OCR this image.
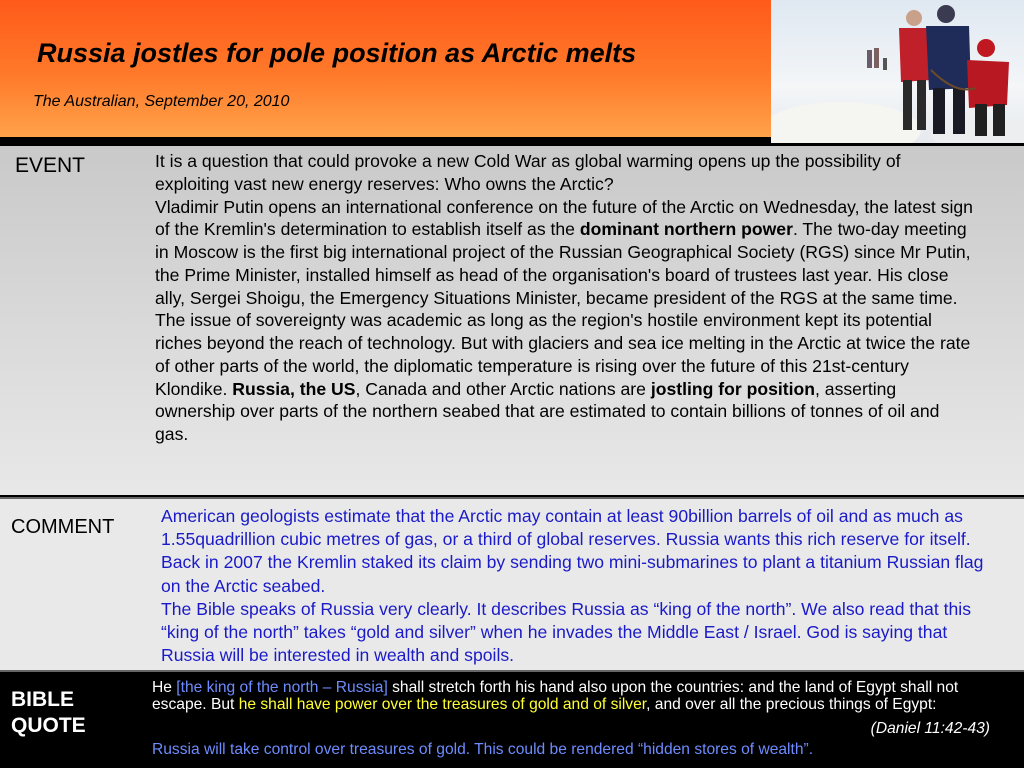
Russia jostles for pole position as Arctic melts
The Australian, September 20, 2010
EVENT	It is a question that could provoke a new Cold War as global warming opens up the possibility of exploiting vast new energy reserves: Who owns the Arctic?

Vladimir Putin opens an international conference on the future of the Arctic on Wednesday, the latest sign of the Kremlin's determination to establish itself as the dominant northern power. The two-day meeting in Moscow is the first big international project of the Russian Geographical Society (RGS) since Mr Putin, the Prime Minister, installed himself as head of the organisation's board of trustees last year. His close ally, Sergei Shoigu, the Emergency Situations Minister, became president of the RGS at the same time. The issue of sovereignty was academic as long as the region's hostile environment kept its potential riches beyond the reach of technology. But with glaciers and sea ice melting in the Arctic at twice the rate of other parts of the world, the diplomatic temperature is rising over the future of this 21st-century Klondike. Russia, the US, Canada and other Arctic nations are jostling for position, asserting ownership over parts of the northern seabed that are estimated to contain billions of tonnes of oil and gas.

COMMENT	American geologists estimate that the Arctic may contain at least 90billion barrels of oil and as much as 1.55quadrillion cubic metres of gas, or a third of global reserves. Russia wants this rich reserve for itself. Back in 2007 the Kremlin staked its claim by sending two mini-submarines to plant a titanium Russian flag on the Arctic seabed.

The Bible speaks of Russia very clearly. It describes Russia as “king of the north”. We also read that this “king of the north” takes “gold and silver” when he invades the Middle East / Israel. God is saying that Russia will be interested in wealth and spoils.

BIBLE
QUOTE

He [the king of the north – Russia] shall stretch forth his hand also upon the countries: and the land of Egypt shall not escape. But he shall have power over the treasures of gold and of silver, and over all the precious things of Egypt:

(Daniel 11:42-43)
Russia will take control over treasures of gold. This could be rendered “hidden stores of wealth”.
